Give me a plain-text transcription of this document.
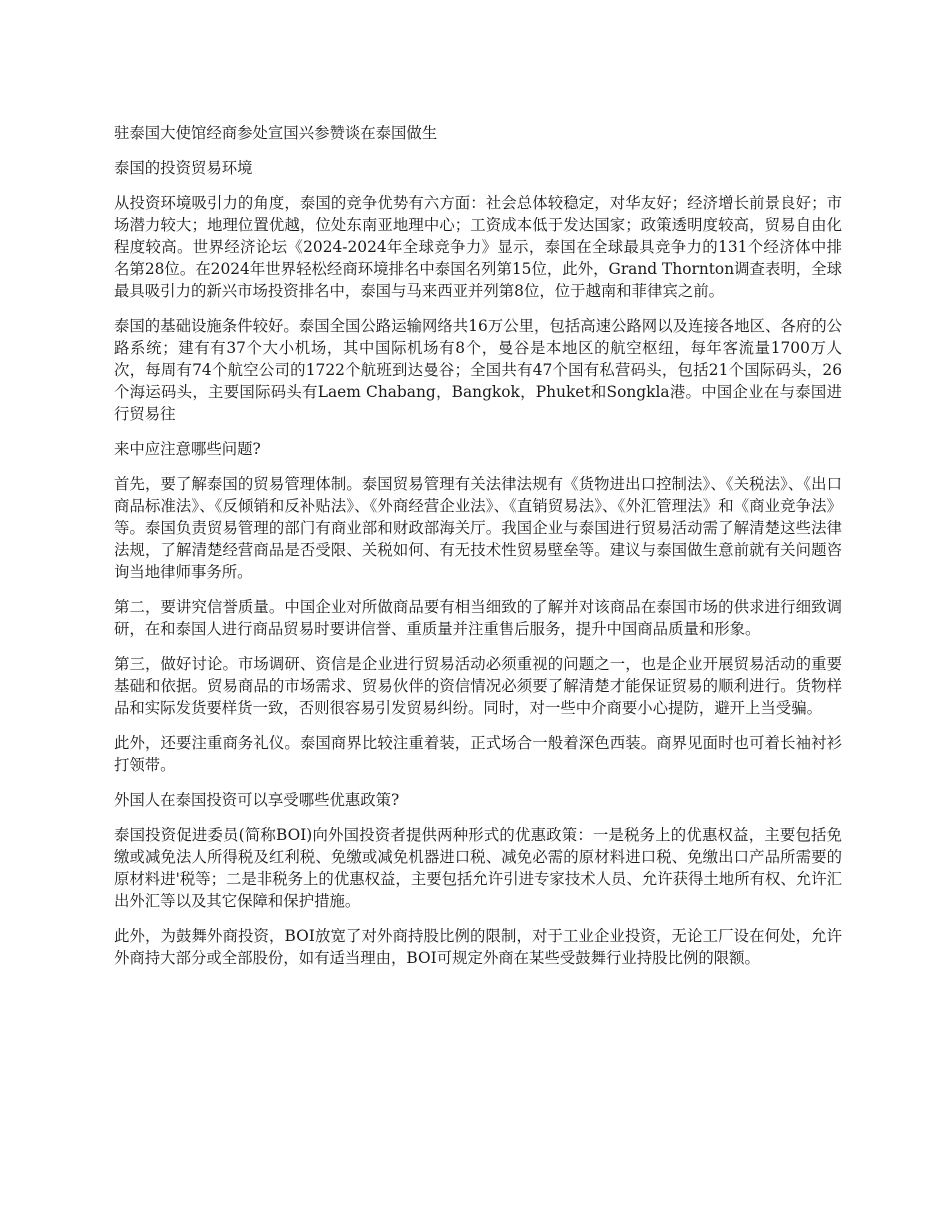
驻泰国大使馆经商参处宣国兴参赞谈在泰国做生

泰国的投资贸易环境

从投资环境吸引力的角度，泰国的竞争优势有六方面：社会总体较稳定，对华友好；经济增长前景良好；市场潜力较大；地理位置优越，位处东南亚地理中心；工资成本低于发达国家；政策透明度较高，贸易自由化程度较高。世界经济论坛《2024-2024年全球竞争力》显示，泰国在全球最具竞争力的131个经济体中排名第28位。在2024年世界轻松经商环境排名中泰国名列第15位，此外，Grand Thornton调查表明，全球最具吸引力的新兴市场投资排名中，泰国与马来西亚并列第8位，位于越南和菲律宾之前。

泰国的基础设施条件较好。泰国全国公路运输网络共16万公里，包括高速公路网以及连接各地区、各府的公路系统；建有有37个大小机场，其中国际机场有8个，曼谷是本地区的航空枢纽，每年客流量1700万人次，每周有74个航空公司的1722个航班到达曼谷；全国共有47个国有私营码头，包括21个国际码头，26个海运码头，主要国际码头有Laem Chabang，Bangkok，Phuket和Songkla港。中国企业在与泰国进行贸易往

来中应注意哪些问题?

首先，要了解泰国的贸易管理体制。泰国贸易管理有关法律法规有《货物进出口控制法》、《关税法》、《出口商品标准法》、《反倾销和反补贴法》、《外商经营企业法》、《直销贸易法》、《外汇管理法》和《商业竞争法》等。泰国负责贸易管理的部门有商业部和财政部海关厅。我国企业与泰国进行贸易活动需了解清楚这些法律法规，了解清楚经营商品是否受限、关税如何、有无技术性贸易壁垒等。建议与泰国做生意前就有关问题咨询当地律师事务所。

第二，要讲究信誉质量。中国企业对所做商品要有相当细致的了解并对该商品在泰国市场的供求进行细致调研，在和泰国人进行商品贸易时要讲信誉、重质量并注重售后服务，提升中国商品质量和形象。

第三，做好讨论。市场调研、资信是企业进行贸易活动必须重视的问题之一，也是企业开展贸易活动的重要基础和依据。贸易商品的市场需求、贸易伙伴的资信情况必须要了解清楚才能保证贸易的顺利进行。货物样品和实际发货要样货一致，否则很容易引发贸易纠纷。同时，对一些中介商要小心提防，避开上当受骗。

此外，还要注重商务礼仪。泰国商界比较注重着装，正式场合一般着深色西装。商界见面时也可着长袖衬衫打领带。

外国人在泰国投资可以享受哪些优惠政策?

泰国投资促进委员(简称BOI)向外国投资者提供两种形式的优惠政策：一是税务上的优惠权益，主要包括免缴或减免法人所得税及红利税、免缴或减免机器进口税、减免必需的原材料进口税、免缴出口产品所需要的原材料进'税等；二是非税务上的优惠权益，主要包括允许引进专家技术人员、允许获得土地所有权、允许汇出外汇等以及其它保障和保护措施。

此外，为鼓舞外商投资，BOI放宽了对外商持股比例的限制，对于工业企业投资，无论工厂设在何处，允许外商持大部分或全部股份，如有适当理由，BOI可规定外商在某些受鼓舞行业持股比例的限额。
